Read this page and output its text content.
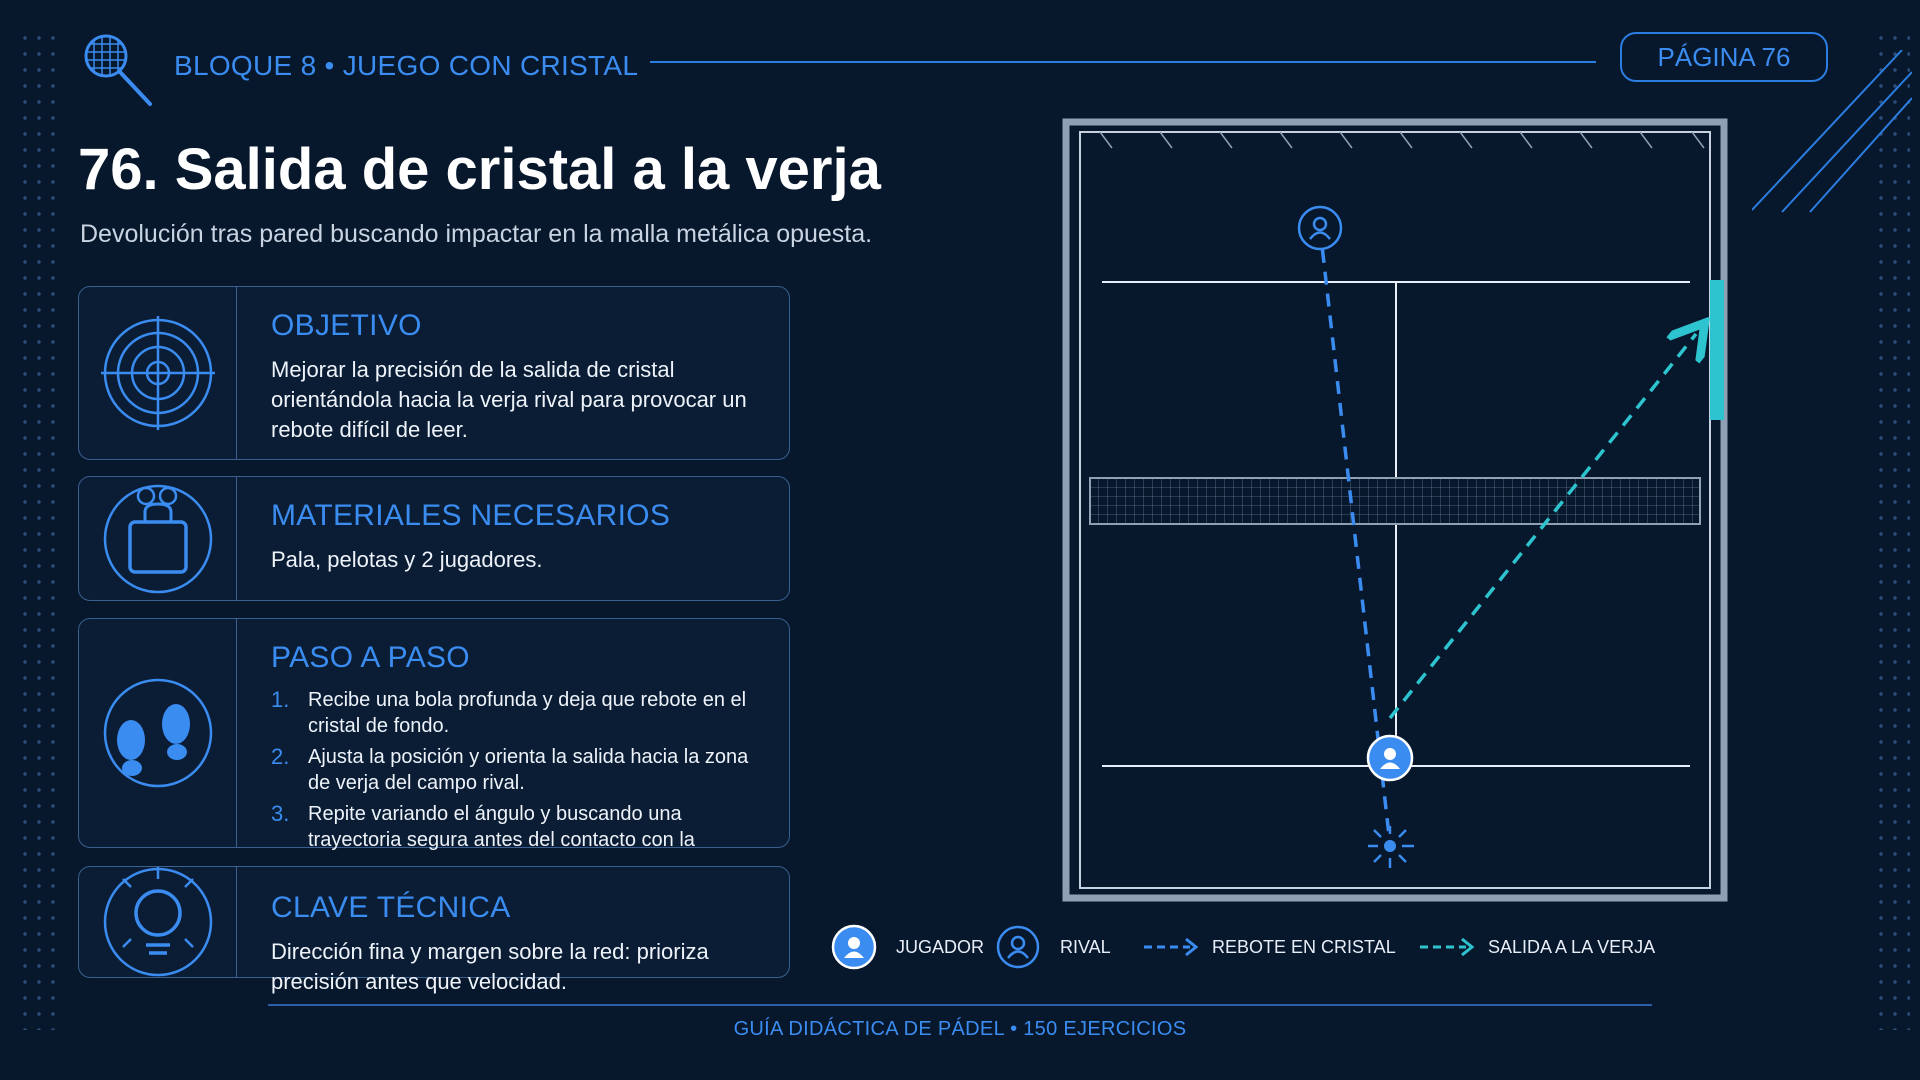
BLOQUE 8 • JUEGO CON CRISTAL	PÁGINA 76
76. Salida de cristal a la verja
Devolución tras pared buscando impactar en la malla metálica opuesta.
OBJETIVO

Mejorar la precisión de la salida de cristal orientándola hacia la verja rival para provocar un rebote difícil de leer.

MATERIALES NECESARIOS

Pala, pelotas y 2 jugadores.

PASO A PASO
1. Recibe una bola profunda y deja que rebote en el cristal de fondo.
2. Ajusta la posición y orienta la salida hacia la zona de verja del campo rival.
3. Repite variando el ángulo y buscando una trayectoria segura antes del contacto con la
CLAVE TÉCNICA

Dirección fina y margen sobre la red: prioriza precisión antes que velocidad.

JUGADOR	RIVAL	REBOTE EN CRISTAL	SALIDA A LA VERJA
GUÍA DIDÁCTICA DE PÁDEL • 150 EJERCICIOS
